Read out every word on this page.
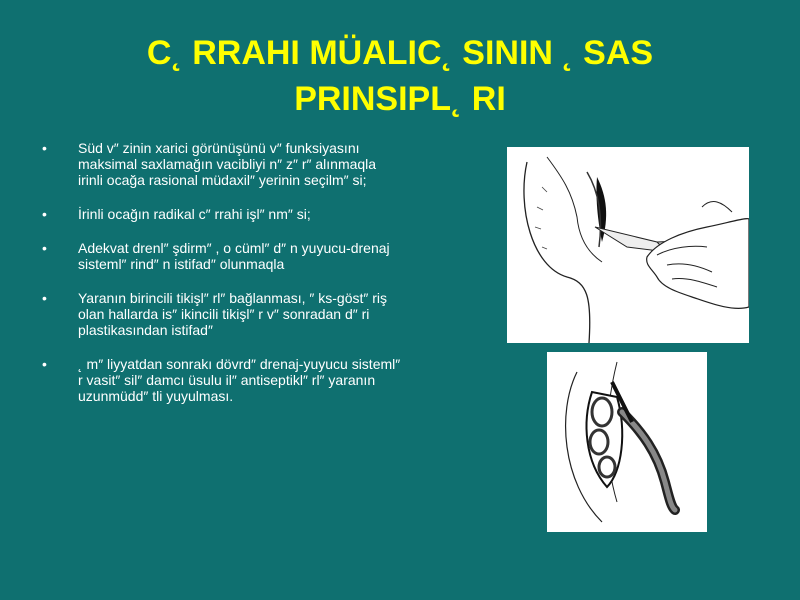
C˛ RRAHI MÜALIC˛ SININ ˛ SAS
PRINSIPL˛ RI
• Süd v″ zinin xarici görünüşünü v″ funksiyasını maksimal saxlamağın vacibliyi n″ z″ r″ alınmaqla irinli ocağa rasional müdaxil″ yerinin seçilm″ si;
• İrinli ocağın radikal c″ rrahi işl″ nm″ si;
• Adekvat drenl″ şdirm″ , o cüml″ d″ n yuyucu-drenaj sisteml″ rind″ n istifad″ olunmaqla
• Yaranın birincili tikişl″ rl″ bağlanması, ″ ks-göst″ riş olan hallarda is″ ikincili tikişl″ r v″ sonradan d″ ri plastikasından istifad″
• ˛ m″ liyyatdan sonrakı dövrd″ drenaj-yuyucu sisteml″ r vasit″ sil″ damcı üsulu il″ antiseptikl″ rl″ yaranın uzunmüdd″ tli yuyulması.
